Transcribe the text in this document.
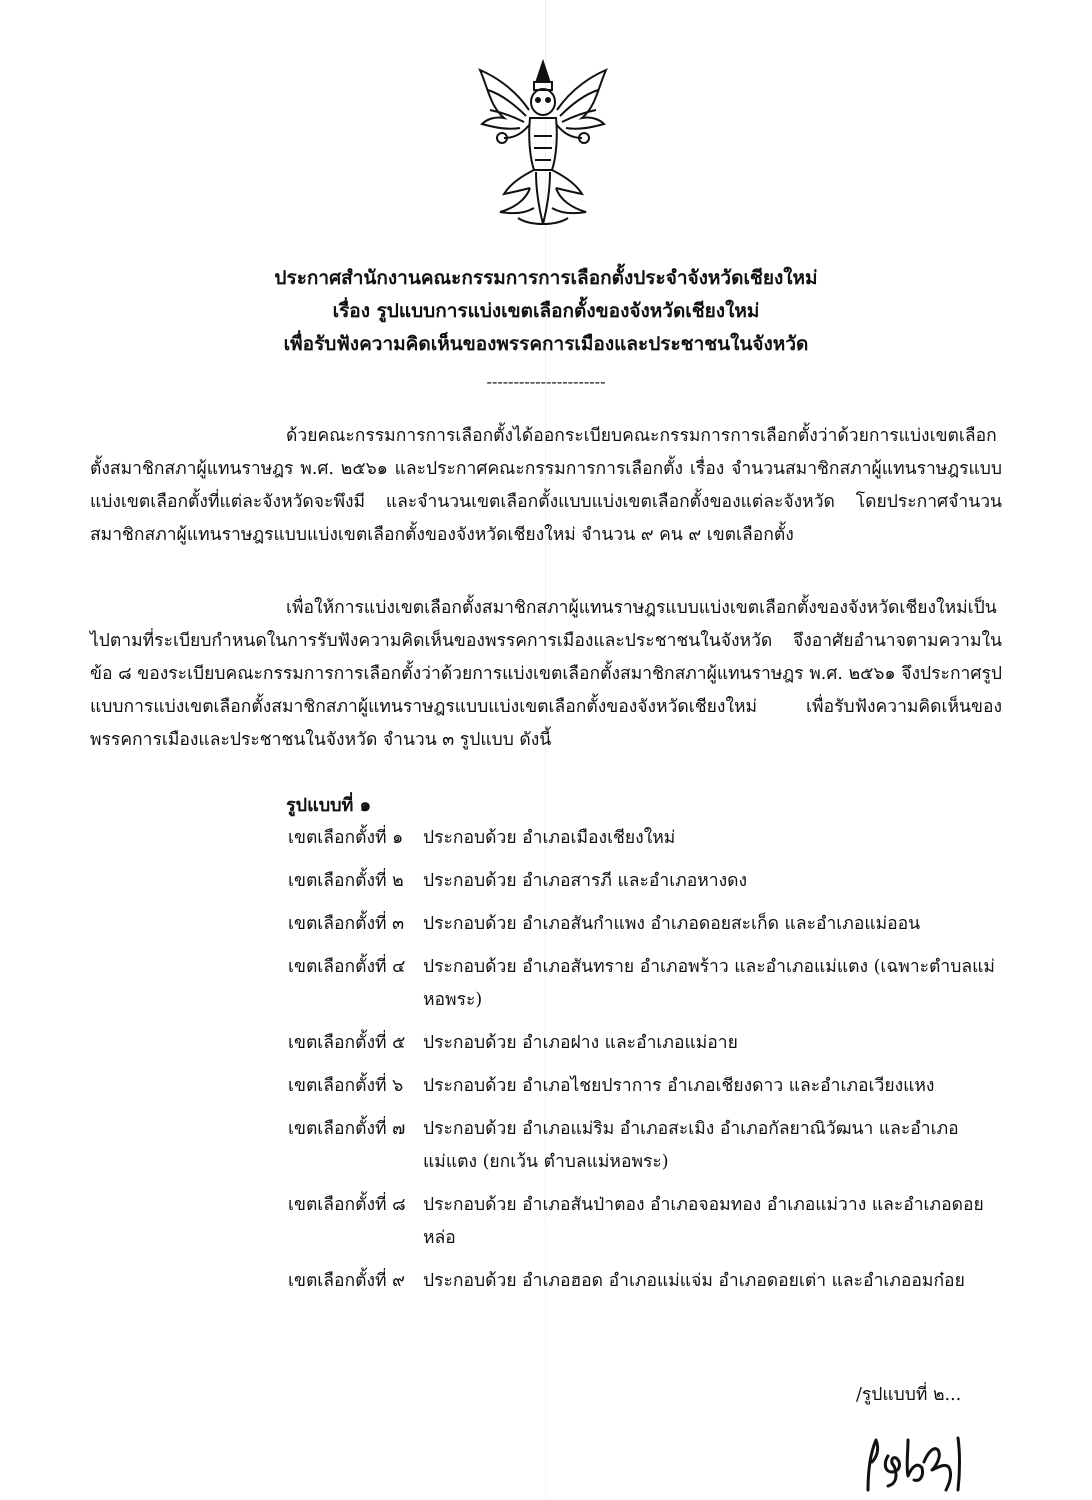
ประกาศสำนักงานคณะกรรมการการเลือกตั้งประจำจังหวัดเชียงใหม่
เรื่อง รูปแบบการแบ่งเขตเลือกตั้งของจังหวัดเชียงใหม่
เพื่อรับฟังความคิดเห็นของพรรคการเมืองและประชาชนในจังหวัด
----------------------
ด้วยคณะกรรมการการเลือกตั้งได้ออกระเบียบคณะกรรมการการเลือกตั้งว่าด้วยการแบ่งเขตเลือกตั้งสมาชิกสภาผู้แทนราษฎร พ.ศ. ๒๕๖๑ และประกาศคณะกรรมการการเลือกตั้ง เรื่อง จำนวนสมาชิกสภาผู้แทนราษฎรแบบแบ่งเขตเลือกตั้งที่แต่ละจังหวัดจะพึงมี และจำนวนเขตเลือกตั้งแบบแบ่งเขตเลือกตั้งของแต่ละจังหวัด โดยประกาศจำนวนสมาชิกสภาผู้แทนราษฎรแบบแบ่งเขตเลือกตั้งของจังหวัดเชียงใหม่ จำนวน ๙ คน ๙ เขตเลือกตั้ง
เพื่อให้การแบ่งเขตเลือกตั้งสมาชิกสภาผู้แทนราษฎรแบบแบ่งเขตเลือกตั้งของจังหวัดเชียงใหม่เป็นไปตามที่ระเบียบกำหนดในการรับฟังความคิดเห็นของพรรคการเมืองและประชาชนในจังหวัด จึงอาศัยอำนาจตามความในข้อ ๘ ของระเบียบคณะกรรมการการเลือกตั้งว่าด้วยการแบ่งเขตเลือกตั้งสมาชิกสภาผู้แทนราษฎร พ.ศ. ๒๕๖๑ จึงประกาศรูปแบบการแบ่งเขตเลือกตั้งสมาชิกสภาผู้แทนราษฎรแบบแบ่งเขตเลือกตั้งของจังหวัดเชียงใหม่ เพื่อรับฟังความคิดเห็นของพรรคการเมืองและประชาชนในจังหวัด จำนวน ๓ รูปแบบ ดังนี้
รูปแบบที่ ๑
เขตเลือกตั้งที่ ๑	ประกอบด้วย อำเภอเมืองเชียงใหม่
เขตเลือกตั้งที่ ๒	ประกอบด้วย อำเภอสารภี และอำเภอหางดง
เขตเลือกตั้งที่ ๓	ประกอบด้วย อำเภอสันกำแพง อำเภอดอยสะเก็ด และอำเภอแม่ออน
เขตเลือกตั้งที่ ๔	ประกอบด้วย อำเภอสันทราย อำเภอพร้าว และอำเภอแม่แตง (เฉพาะตำบลแม่หอพระ)
เขตเลือกตั้งที่ ๕	ประกอบด้วย อำเภอฝาง และอำเภอแม่อาย
เขตเลือกตั้งที่ ๖	ประกอบด้วย อำเภอไชยปราการ อำเภอเชียงดาว และอำเภอเวียงแหง
เขตเลือกตั้งที่ ๗	ประกอบด้วย อำเภอแม่ริม อำเภอสะเมิง อำเภอกัลยาณิวัฒนา และอำเภอแม่แตง (ยกเว้น ตำบลแม่หอพระ)
เขตเลือกตั้งที่ ๘ ประกอบด้วย อำเภอสันป่าตอง อำเภอจอมทอง อำเภอแม่วาง และอำเภอดอยหล่อ
เขตเลือกตั้งที่ ๙	ประกอบด้วย อำเภอฮอด อำเภอแม่แจ่ม อำเภอดอยเต่า และอำเภออมก๋อย
/รูปแบบที่ ๒...
